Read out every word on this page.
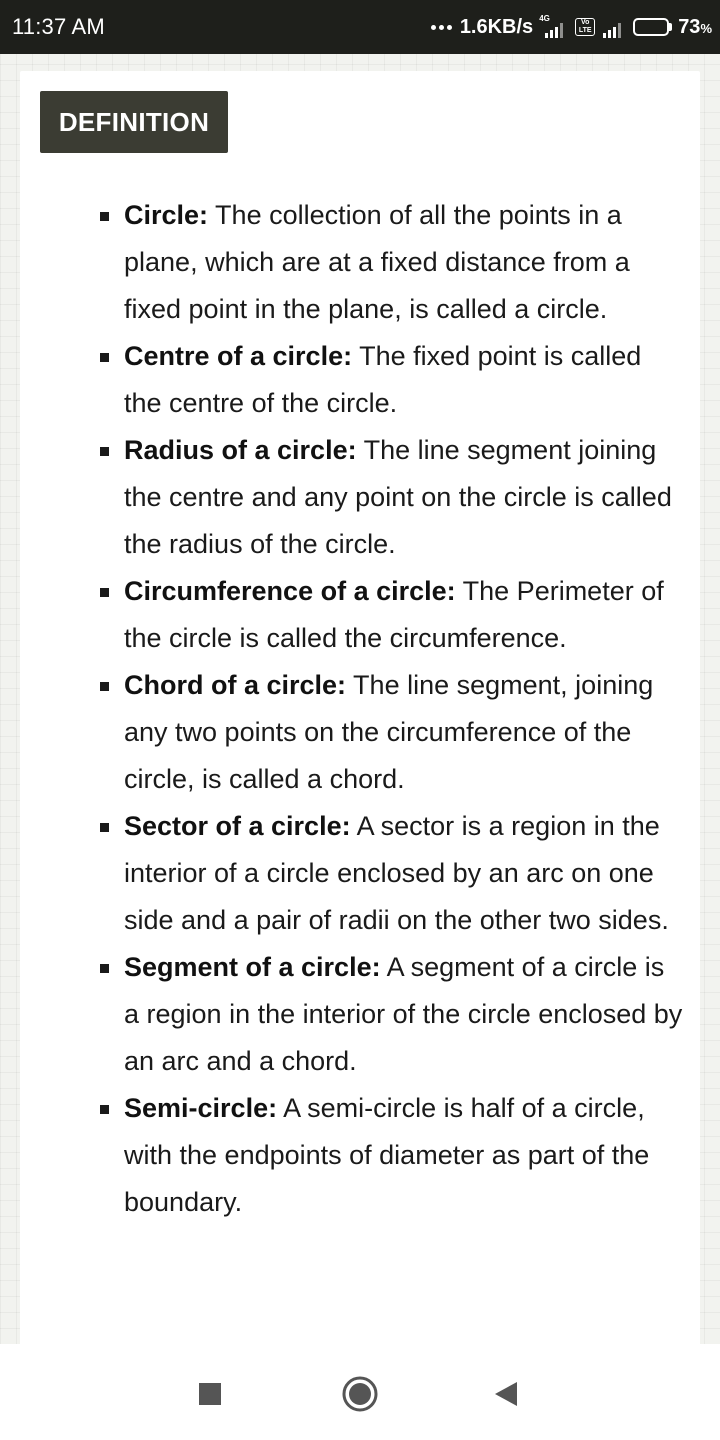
11:37 AM	1.6KB/s 4G	Vo LTE	73%
DEFINITION
Circle: The collection of all the points in a plane, which are at a fixed distance from a fixed point in the plane, is called a circle.
Centre of a circle: The fixed point is called the centre of the circle.
Radius of a circle: The line segment joining the centre and any point on the circle is called the radius of the circle.
Circumference of a circle: The Perimeter of the circle is called the circumference.
Chord of a circle: The line segment, joining any two points on the circumference of the circle, is called a chord.
Sector of a circle: A sector is a region in the interior of a circle enclosed by an arc on one side and a pair of radii on the other two sides.
Segment of a circle: A segment of a circle is a region in the interior of the circle enclosed by an arc and a chord.
Semi-circle: A semi-circle is half of a circle, with the endpoints of diameter as part of the boundary.
